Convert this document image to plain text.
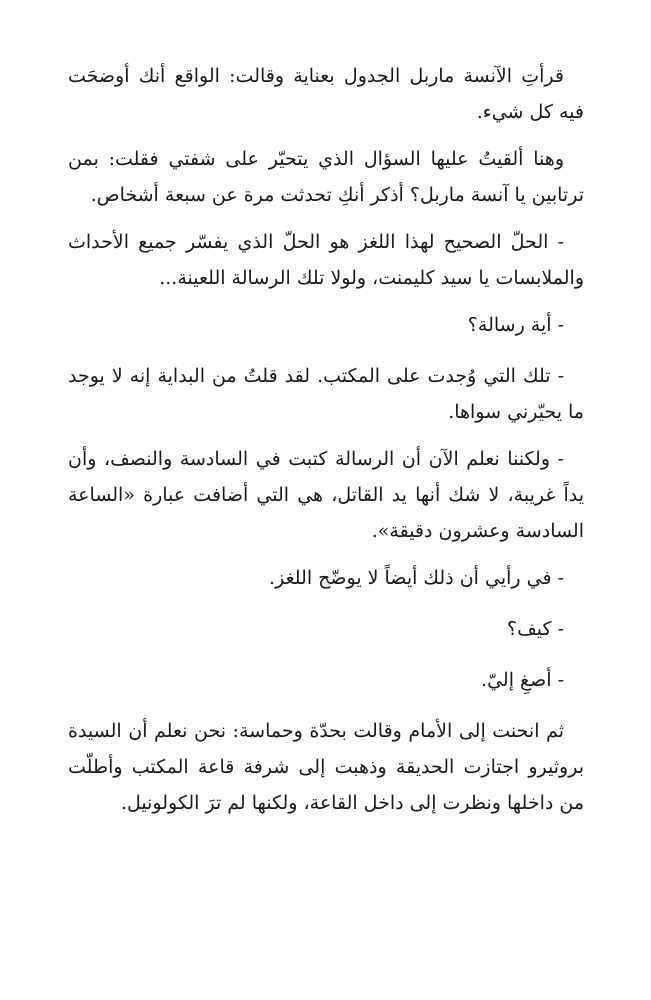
قرأتِ الآنسة ماربل الجدول بعناية وقالت: الواقع أنك أوضحَت فيه كل شيء.

وهنا ألقيتُ عليها السؤال الذي يتحيّر على شفتي فقلت: بمن ترتابين يا آنسة ماربل؟ أذكر أنكِ تحدثت مرة عن سبعة أشخاص.

- الحلّ الصحيح لهذا اللغز هو الحلّ الذي يفسّر جميع الأحداث والملابسات يا سيد كليمنت، ولولا تلك الرسالة اللعينة...

- أية رسالة؟

- تلك التي وُجدت على المكتب. لقد قلتُ من البداية إنه لا يوجد ما يحيّرني سواها.

- ولكننا نعلم الآن أن الرسالة كتبت في السادسة والنصف، وأن يداً غريبة، لا شك أنها يد القاتل، هي التي أضافت عبارة «الساعة السادسة وعشرون دقيقة».

- في رأيي أن ذلك أيضاً لا يوضّح اللغز.

- كيف؟

- أصغِ إليّ.

ثم انحنت إلى الأمام وقالت بحدّة وحماسة: نحن نعلم أن السيدة بروثيرو اجتازت الحديقة وذهبت إلى شرفة قاعة المكتب وأطلّت من داخلها ونظرت إلى داخل القاعة، ولكنها لم ترَ الكولونيل.
